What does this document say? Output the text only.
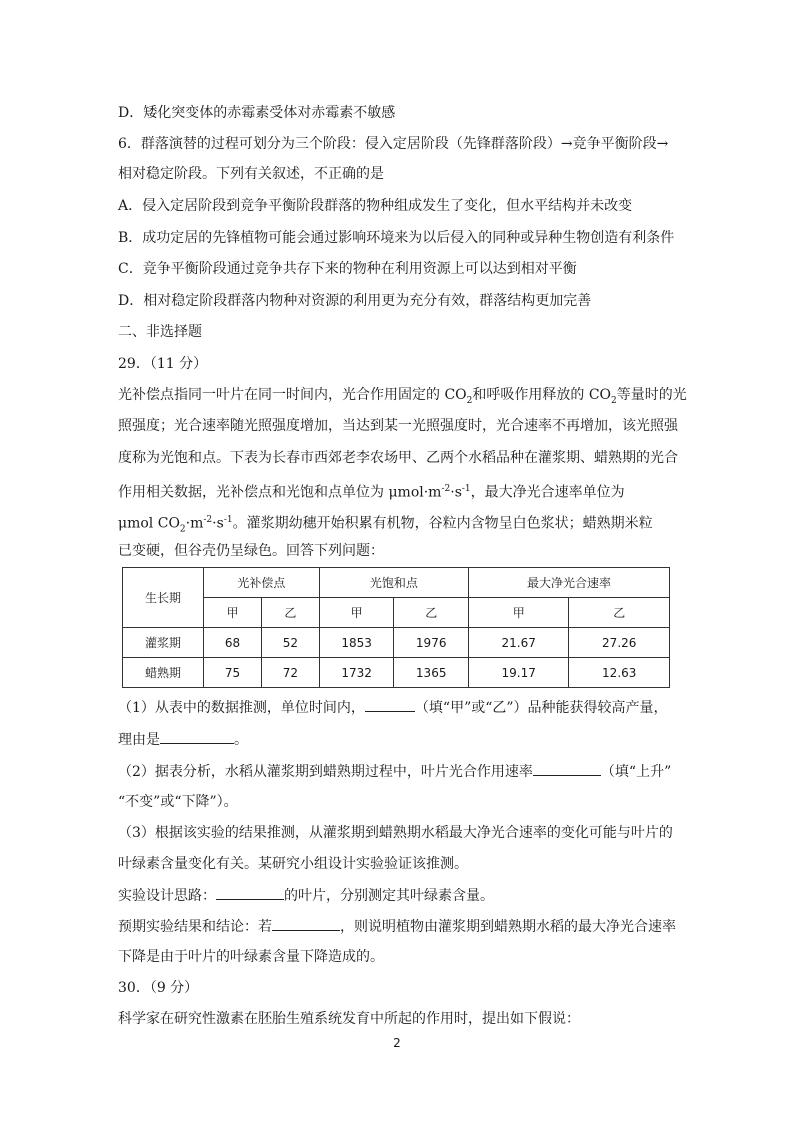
D．矮化突变体的赤霉素受体对赤霉素不敏感
6．群落演替的过程可划分为三个阶段：侵入定居阶段（先锋群落阶段）→竞争平衡阶段→
相对稳定阶段。下列有关叙述，不正确的是
A．侵入定居阶段到竞争平衡阶段群落的物种组成发生了变化，但水平结构并未改变
B．成功定居的先锋植物可能会通过影响环境来为以后侵入的同种或异种生物创造有利条件
C．竞争平衡阶段通过竞争共存下来的物种在利用资源上可以达到相对平衡
D．相对稳定阶段群落内物种对资源的利用更为充分有效，群落结构更加完善
二、非选择题
29．（11 分）
光补偿点指同一叶片在同一时间内，光合作用固定的 $CO_2$和呼吸作用释放的 $CO_2$等量时的光
照强度；光合速率随光照强度增加，当达到某一光照强度时，光合速率不再增加，该光照强
度称为光饱和点。下表为长春市西郊老李农场甲、乙两个水稻品种在灌浆期、蜡熟期的光合
作用相关数据，光补偿点和光饱和点单位为 $\mu mol\cdot m^{-2}\cdot s^{-1}$，最大净光合速率单位为
μmol $CO_2\cdot m^{-2}\cdot s^{-1}$。灌浆期幼穗开始积累有机物，谷粒内含物呈白色浆状；蜡熟期米粒
已变硬，但谷壳仍呈绿色。回答下列问题：
生长期	光补偿点		光饱和点		最大净光合速率	
	甲	乙	甲	乙	甲	乙
灌浆期	68	52	1853	1976	21.67	27.26
蜡熟期	75	72	1732	1365	19.17	12.63
（1）从表中的数据推测，单位时间内，	（填“甲”或“乙”）品种能获得较高产量，
理由是	。
（2）据表分析，水稻从灌浆期到蜡熟期过程中，叶片光合作用速率	（填“上升”
“不变”或“下降”）。
（3）根据该实验的结果推测，从灌浆期到蜡熟期水稻最大净光合速率的变化可能与叶片的
叶绿素含量变化有关。某研究小组设计实验验证该推测。
实验设计思路：	的叶片，分别测定其叶绿素含量。
预期实验结果和结论：若	，则说明植物由灌浆期到蜡熟期水稻的最大净光合速率
下降是由于叶片的叶绿素含量下降造成的。
30．（9 分）
科学家在研究性激素在胚胎生殖系统发育中所起的作用时，提出如下假说：
2
